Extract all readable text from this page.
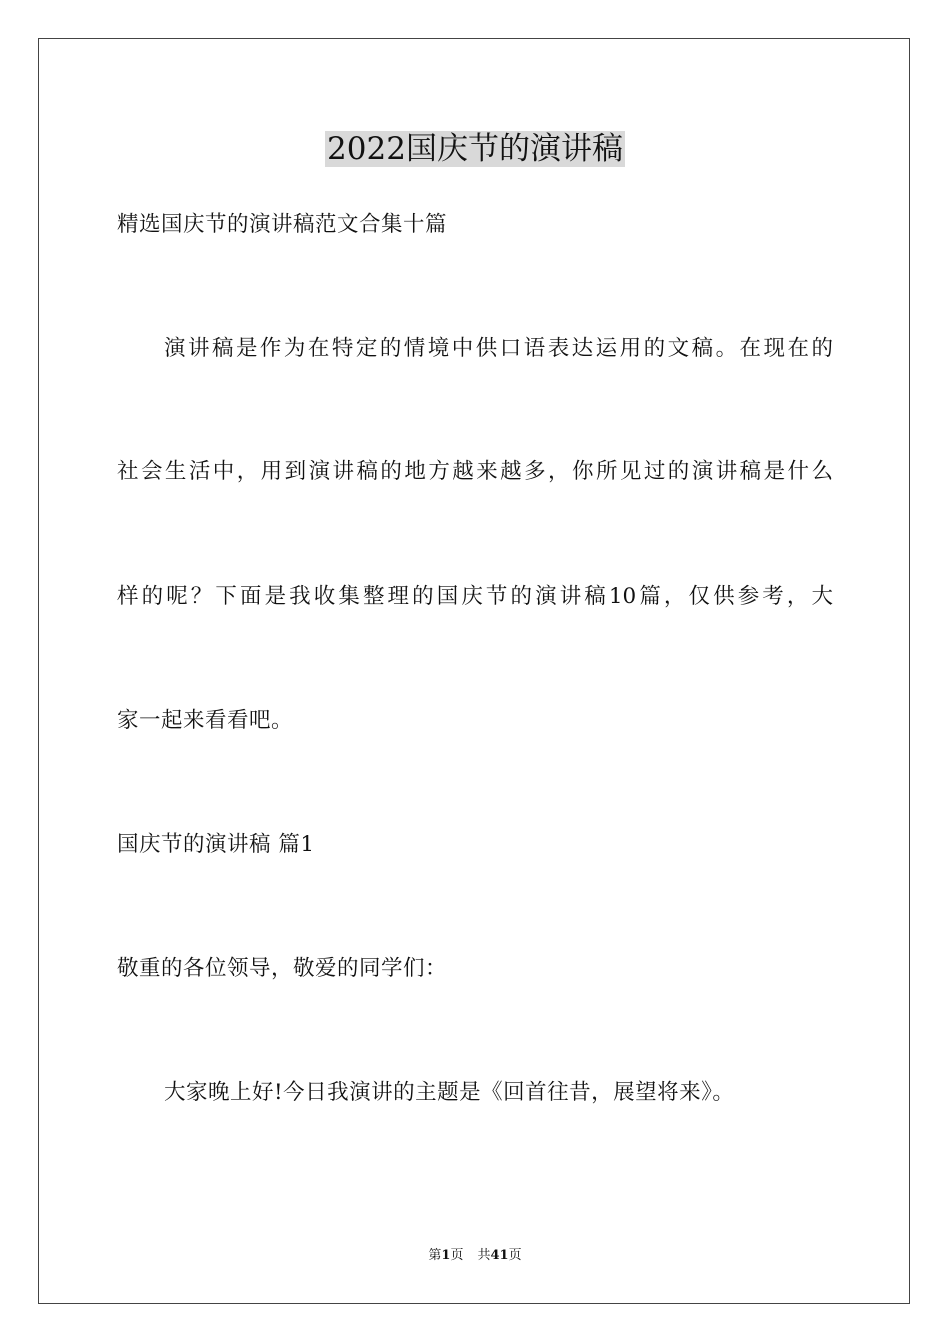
2022国庆节的演讲稿
精选国庆节的演讲稿范文合集十篇
演讲稿是作为在特定的情境中供口语表达运用的文稿。在现在的
社会生活中，用到演讲稿的地方越来越多，你所见过的演讲稿是什么
样的呢？下面是我收集整理的国庆节的演讲稿10篇，仅供参考，大
家一起来看看吧。
国庆节的演讲稿 篇1
敬重的各位领导，敬爱的同学们：
大家晚上好!今日我演讲的主题是《回首往昔，展望将来》。
第1页 共41页
